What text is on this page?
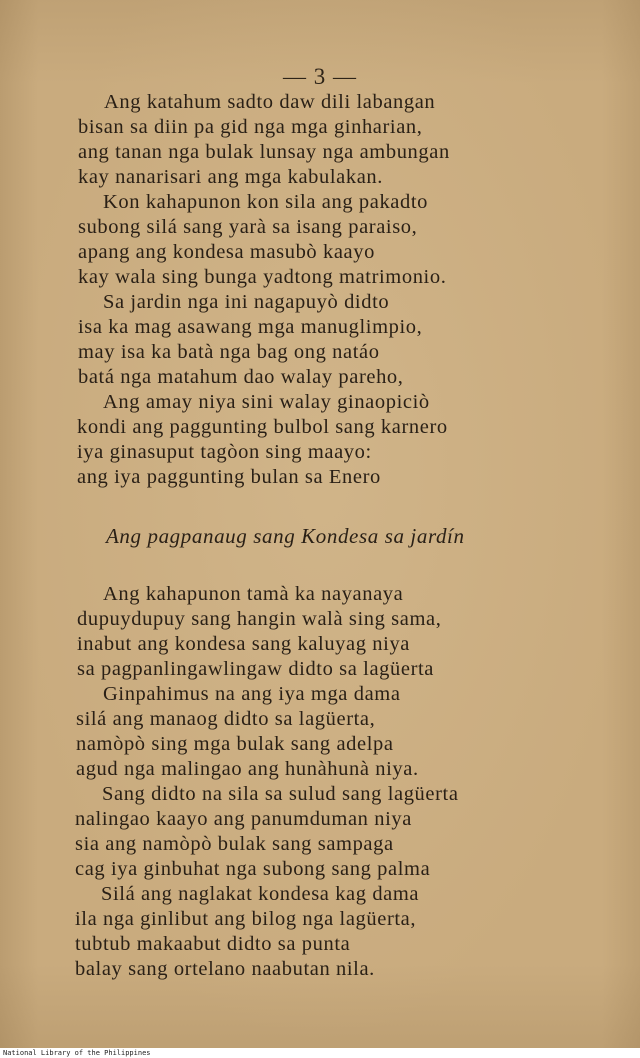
— 3 —
Ang katahum sadto daw dili labangan
bisan sa diin pa gid nga mga ginharian,
ang tanan nga bulak lunsay nga ambungan
kay nanarisari ang mga kabulakan.
Kon kahapunon kon sila ang pakadto
subong silá sang yarà sa isang paraiso,
apang ang kondesa masubò kaayo
kay wala sing bunga yadtong matrimonio.
Sa jardin nga ini nagapuyò didto
isa ka mag asawang mga manuglimpio,
may isa ka batà nga bag ong natáo
batá nga matahum dao walay pareho,
Ang amay niya sini walay ginaopiciò
kondi ang paggunting bulbol sang karnero
iya ginasuput tagòon sing maayo:
ang iya paggunting bulan sa Enero
Ang pagpanaug sang Kondesa sa jardín
Ang kahapunon tamà ka nayanaya
dupuydupuy sang hangin walà sing sama,
inabut ang kondesa sang kaluyag niya
sa pagpanlingawlingaw didto sa lagüerta
Ginpahimus na ang iya mga dama
silá ang manaog didto sa lagüerta,
namòpò sing mga bulak sang adelpa
agud nga malingao ang hunàhunà niya.
Sang didto na sila sa sulud sang lagüerta
nalingao kaayo ang panumduman niya
sia ang namòpò bulak sang sampaga
cag iya ginbuhat nga subong sang palma
Silá ang naglakat kondesa kag dama
ila nga ginlibut ang bilog nga lagüerta,
tubtub makaabut didto sa punta
balay sang ortelano naabutan nila.
National Library of the Philippines
